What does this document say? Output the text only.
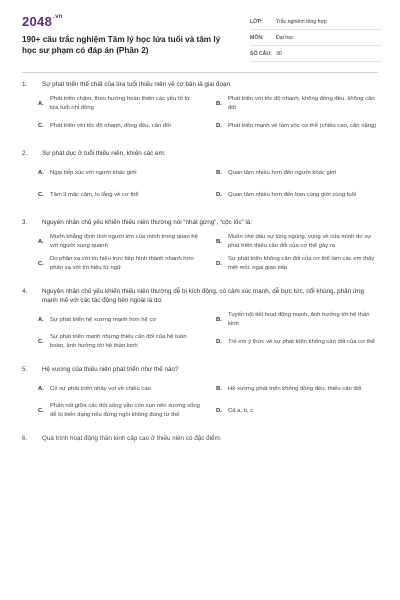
$2048^{.vn}$
190+ câu trắc nghiệm Tâm lý học lứa tuổi và tâm lý học sư phạm có đáp án (Phần 2)
LỚP:	Trắc nghiệm tổng hợp
MÔN:	Đại học
SỐ CÂU: 30
1.	Sự phát triển thể chất của lứa tuổi thiếu niên về cơ bản là giai đoạn:
A.
Phát triển chậm, theo hướng hoàn thiện các yếu tố từ lứa tuổi nhi đồng
B.
Phát triển với tốc độ nhanh, không đồng đều, không cân đối
C.	Phát triển với tốc độ nhanh, đồng đều, cân đối	D.	Phát triển mạnh về tầm vóc cơ thể (chiều cao, cân nặng)
2.	Sự phát dục ở tuổi thiếu niên, khiến các em:
A.	Ngại tiếp xúc với người khác giới	B.	Quan tâm nhiều hơn đến người khác giới
C.	Tâm lí mặc cảm, lo lắng về cơ thể	D.	Quan tâm nhiều hơn đến bạn cùng giới cùng tuổi
3.	Nguyên nhân chủ yếu khiến thiếu niên thường nói “nhát gừng”, “cộc lốc” là:
A.
Muốn khẳng định tính người lớn của mình trong quan hệ với người xung quanh
B.
Muốn che dấu sự lúng ngúng, vụng về của mình do sự phát triển thiếu cân đối của cơ thể gây ra
C.
Do phản xạ với tín hiệu trực tiếp hình thành nhanh hơn phản xạ với tín hiệu từ ngữ
D.
Sự phát triển không cân đối của cơ thể làm các em thấy mệt mỏi, ngại giao tiếp
4.	Nguyên nhân chủ yếu khiến thiếu niên thường dễ bị kích động, có cảm xúc mạnh, dễ bực tức, nổi khùng, phản ứng mạnh mẽ với các tác động bên ngoài là do:
A.	Sự phát triển hệ xương mạnh hơn hệ cơ	B.
Tuyến nội tiết hoạt động mạnh, ảnh hưởng tới hệ thần kinh
C.
Sự phát triển mạnh nhưng thiếu cân đối của hệ tuần hoàn, ảnh hưởng tới hệ thần kinh
D.	Trẻ em ý thức về sự phát triển không cân đối của cơ thể
5.	Hệ xương của thiếu niên phát triển như thế nào?
A.	Có sự phát triển nhảy vọt về chiều cao	B.	Hệ xương phát triển không đồng đều, thiếu cân đối
C.
Phần nối giữa các đốt sống vẫn còn sụn nên xương sống dễ bị biến dạng nếu đứng ngồi không đúng tư thế
D.	Cả a, b, c
6.	Quá trình hoạt động thần kinh cấp cao ở thiếu niên có đặc điểm:
